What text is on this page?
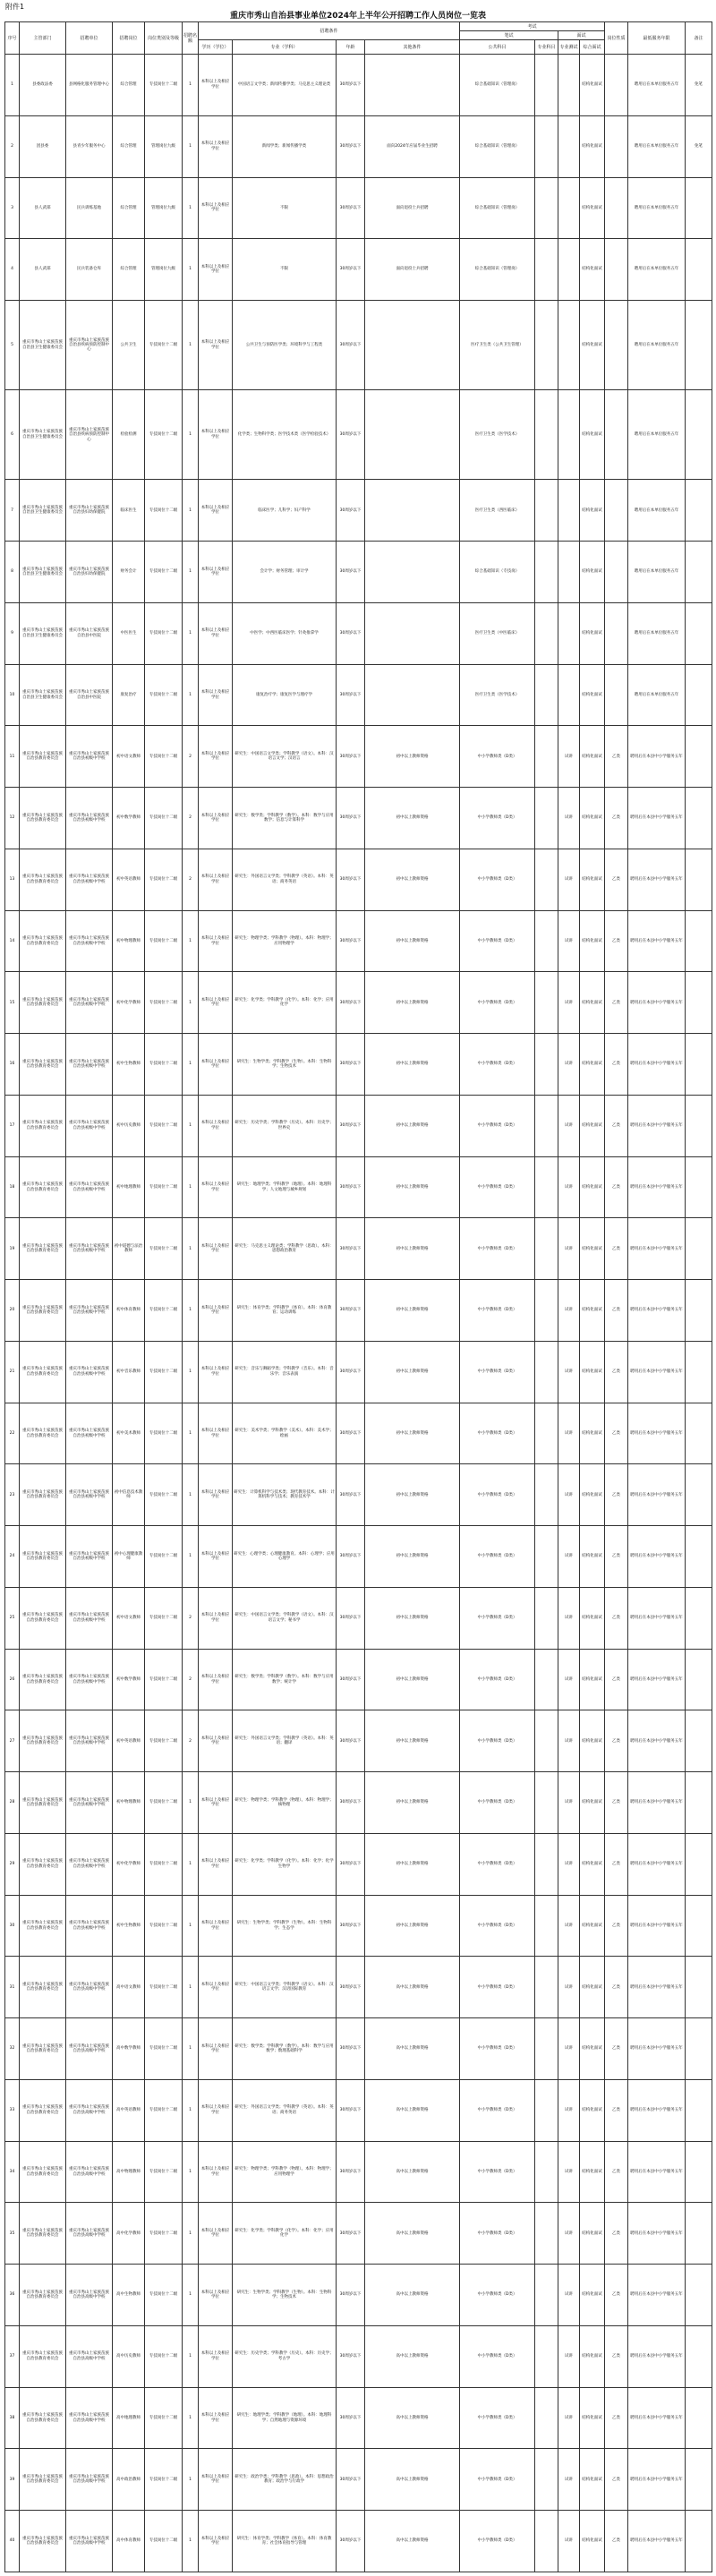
附件1
重庆市秀山自治县事业单位2024年上半年公开招聘工作人员岗位一览表
序号	主管部门	招聘单位	招聘岗位	岗位类别及等级	招聘名额	招聘条件				考试				岗位性质	最低服务年限	备注
										笔试		面试				
						学历（学位）	专业（学科）	年龄	其他条件	公共科目	专业科目	专业测试	综合面试			
1	县委政法委	县网格化服务管理中心	综合管理	专技岗位十二级	1	本科以上及相应学位	中国语言文学类；新闻传播学类；马克思主义理论类	30周岁以下		综合基础知识（管理岗）			结构化面试		聘用后在本单位服务五年	免笔
2	团县委	县青少年服务中心	综合管理	管理岗位九级	1	本科以上及相应学位	新闻学类；新闻传播学类	30周岁以下	面向2024年应届毕业生招聘	综合基础知识（管理岗）			结构化面试		聘用后在本单位服务五年	免笔
3	县人武部	民兵训练基地	综合管理	管理岗位九级	1	本科以上及相应学位	不限	30周岁以下	面向退役士兵招聘	综合基础知识（管理岗）			结构化面试		聘用后在本单位服务五年	
4	县人武部	民兵装备仓库	综合管理	管理岗位九级	1	本科以上及相应学位	不限	30周岁以下	面向退役士兵招聘	综合基础知识（管理岗）			结构化面试		聘用后在本单位服务五年	
5	重庆市秀山土家族苗族自治县卫生健康委员会	重庆市秀山土家族苗族自治县疾病预防控制中心	公共卫生	专技岗位十二级	1	本科以上及相应学位	公共卫生与预防医学类；环境科学与工程类	30周岁以下		医疗卫生类（公共卫生管理）			结构化面试		聘用后在本单位服务五年	
6	重庆市秀山土家族苗族自治县卫生健康委员会	重庆市秀山土家族苗族自治县疾病预防控制中心	检验检测	专技岗位十二级	1	本科以上及相应学位	化学类；生物科学类；医学技术类（医学检验技术）	30周岁以下		医疗卫生类（医学技术）			结构化面试		聘用后在本单位服务五年	
7	重庆市秀山土家族苗族自治县卫生健康委员会	重庆市秀山土家族苗族自治县妇幼保健院	临床医生	专技岗位十二级	1	本科以上及相应学位	临床医学；儿科学；妇产科学	30周岁以下		医疗卫生类（西医临床）			结构化面试		聘用后在本单位服务五年	
8	重庆市秀山土家族苗族自治县卫生健康委员会	重庆市秀山土家族苗族自治县妇幼保健院	财务会计	专技岗位十二级	1	本科以上及相应学位	会计学；财务管理；审计学	30周岁以下		综合基础知识（专技岗）			结构化面试		聘用后在本单位服务五年	
9	重庆市秀山土家族苗族自治县卫生健康委员会	重庆市秀山土家族苗族自治县中医院	中医医生	专技岗位十二级	1	本科以上及相应学位	中医学；中西医临床医学；针灸推拿学	30周岁以下		医疗卫生类（中医临床）			结构化面试		聘用后在本单位服务五年	
10	重庆市秀山土家族苗族自治县卫生健康委员会	重庆市秀山土家族苗族自治县中医院	康复治疗	专技岗位十二级	1	本科以上及相应学位	康复治疗学；康复医学与理疗学	30周岁以下		医疗卫生类（医学技术）			结构化面试		聘用后在本单位服务五年	
11	重庆市秀山土家族苗族自治县教育委员会	重庆市秀山土家族苗族自治县初级中学校	初中语文教师	专技岗位十二级	2	本科以上及相应学位	研究生：中国语言文学类；学科教学（语文）。本科：汉语言文学；汉语言	30周岁以下	初中以上教师资格	中小学教师类（D类）		试讲	结构化面试	乙类	聘用后在本县中小学服务五年	
12	重庆市秀山土家族苗族自治县教育委员会	重庆市秀山土家族苗族自治县初级中学校	初中数学教师	专技岗位十二级	2	本科以上及相应学位	研究生：数学类；学科教学（数学）。本科：数学与应用数学；信息与计算科学	30周岁以下	初中以上教师资格	中小学教师类（D类）		试讲	结构化面试	乙类	聘用后在本县中小学服务五年	
13	重庆市秀山土家族苗族自治县教育委员会	重庆市秀山土家族苗族自治县初级中学校	初中英语教师	专技岗位十二级	2	本科以上及相应学位	研究生：外国语言文学类；学科教学（英语）。本科：英语；商务英语	30周岁以下	初中以上教师资格	中小学教师类（D类）		试讲	结构化面试	乙类	聘用后在本县中小学服务五年	
14	重庆市秀山土家族苗族自治县教育委员会	重庆市秀山土家族苗族自治县初级中学校	初中物理教师	专技岗位十二级	1	本科以上及相应学位	研究生：物理学类；学科教学（物理）。本科：物理学；应用物理学	30周岁以下	初中以上教师资格	中小学教师类（D类）		试讲	结构化面试	乙类	聘用后在本县中小学服务五年	
15	重庆市秀山土家族苗族自治县教育委员会	重庆市秀山土家族苗族自治县初级中学校	初中化学教师	专技岗位十二级	1	本科以上及相应学位	研究生：化学类；学科教学（化学）。本科：化学；应用化学	30周岁以下	初中以上教师资格	中小学教师类（D类）		试讲	结构化面试	乙类	聘用后在本县中小学服务五年	
16	重庆市秀山土家族苗族自治县教育委员会	重庆市秀山土家族苗族自治县初级中学校	初中生物教师	专技岗位十二级	1	本科以上及相应学位	研究生：生物学类；学科教学（生物）。本科：生物科学；生物技术	30周岁以下	初中以上教师资格	中小学教师类（D类）		试讲	结构化面试	乙类	聘用后在本县中小学服务五年	
17	重庆市秀山土家族苗族自治县教育委员会	重庆市秀山土家族苗族自治县初级中学校	初中历史教师	专技岗位十二级	1	本科以上及相应学位	研究生：历史学类；学科教学（历史）。本科：历史学；世界史	30周岁以下	初中以上教师资格	中小学教师类（D类）		试讲	结构化面试	乙类	聘用后在本县中小学服务五年	
18	重庆市秀山土家族苗族自治县教育委员会	重庆市秀山土家族苗族自治县初级中学校	初中地理教师	专技岗位十二级	1	本科以上及相应学位	研究生：地理学类；学科教学（地理）。本科：地理科学；人文地理与城乡规划	30周岁以下	初中以上教师资格	中小学教师类（D类）		试讲	结构化面试	乙类	聘用后在本县中小学服务五年	
19	重庆市秀山土家族苗族自治县教育委员会	重庆市秀山土家族苗族自治县初级中学校	初中道德与法治教师	专技岗位十二级	1	本科以上及相应学位	研究生：马克思主义理论类；学科教学（思政）。本科：思想政治教育	30周岁以下	初中以上教师资格	中小学教师类（D类）		试讲	结构化面试	乙类	聘用后在本县中小学服务五年	
20	重庆市秀山土家族苗族自治县教育委员会	重庆市秀山土家族苗族自治县初级中学校	初中体育教师	专技岗位十二级	1	本科以上及相应学位	研究生：体育学类；学科教学（体育）。本科：体育教育；运动训练	30周岁以下	初中以上教师资格	中小学教师类（D类）		试讲	结构化面试	乙类	聘用后在本县中小学服务五年	
21	重庆市秀山土家族苗族自治县教育委员会	重庆市秀山土家族苗族自治县初级中学校	初中音乐教师	专技岗位十二级	1	本科以上及相应学位	研究生：音乐与舞蹈学类；学科教学（音乐）。本科：音乐学；音乐表演	30周岁以下	初中以上教师资格	中小学教师类（D类）		试讲	结构化面试	乙类	聘用后在本县中小学服务五年	
22	重庆市秀山土家族苗族自治县教育委员会	重庆市秀山土家族苗族自治县初级中学校	初中美术教师	专技岗位十二级	1	本科以上及相应学位	研究生：美术学类；学科教学（美术）。本科：美术学；绘画	30周岁以下	初中以上教师资格	中小学教师类（D类）		试讲	结构化面试	乙类	聘用后在本县中小学服务五年	
23	重庆市秀山土家族苗族自治县教育委员会	重庆市秀山土家族苗族自治县初级中学校	初中信息技术教师	专技岗位十二级	1	本科以上及相应学位	研究生：计算机科学与技术类；现代教育技术。本科：计算机科学与技术；教育技术学	30周岁以下	初中以上教师资格	中小学教师类（D类）		试讲	结构化面试	乙类	聘用后在本县中小学服务五年	
24	重庆市秀山土家族苗族自治县教育委员会	重庆市秀山土家族苗族自治县初级中学校	初中心理健康教师	专技岗位十二级	1	本科以上及相应学位	研究生：心理学类；心理健康教育。本科：心理学；应用心理学	30周岁以下	初中以上教师资格	中小学教师类（D类）		试讲	结构化面试	乙类	聘用后在本县中小学服务五年	
25	重庆市秀山土家族苗族自治县教育委员会	重庆市秀山土家族苗族自治县初级中学校	初中语文教师	专技岗位十二级	2	本科以上及相应学位	研究生：中国语言文学类；学科教学（语文）。本科：汉语言文学；秘书学	30周岁以下	初中以上教师资格	中小学教师类（D类）		试讲	结构化面试	乙类	聘用后在本县中小学服务五年	
26	重庆市秀山土家族苗族自治县教育委员会	重庆市秀山土家族苗族自治县初级中学校	初中数学教师	专技岗位十二级	2	本科以上及相应学位	研究生：数学类；学科教学（数学）。本科：数学与应用数学；统计学	30周岁以下	初中以上教师资格	中小学教师类（D类）		试讲	结构化面试	乙类	聘用后在本县中小学服务五年	
27	重庆市秀山土家族苗族自治县教育委员会	重庆市秀山土家族苗族自治县初级中学校	初中英语教师	专技岗位十二级	2	本科以上及相应学位	研究生：外国语言文学类；学科教学（英语）。本科：英语；翻译	30周岁以下	初中以上教师资格	中小学教师类（D类）		试讲	结构化面试	乙类	聘用后在本县中小学服务五年	
28	重庆市秀山土家族苗族自治县教育委员会	重庆市秀山土家族苗族自治县初级中学校	初中物理教师	专技岗位十二级	1	本科以上及相应学位	研究生：物理学类；学科教学（物理）。本科：物理学；核物理	30周岁以下	初中以上教师资格	中小学教师类（D类）		试讲	结构化面试	乙类	聘用后在本县中小学服务五年	
29	重庆市秀山土家族苗族自治县教育委员会	重庆市秀山土家族苗族自治县初级中学校	初中化学教师	专技岗位十二级	1	本科以上及相应学位	研究生：化学类；学科教学（化学）。本科：化学；化学生物学	30周岁以下	初中以上教师资格	中小学教师类（D类）		试讲	结构化面试	乙类	聘用后在本县中小学服务五年	
30	重庆市秀山土家族苗族自治县教育委员会	重庆市秀山土家族苗族自治县初级中学校	初中生物教师	专技岗位十二级	1	本科以上及相应学位	研究生：生物学类；学科教学（生物）。本科：生物科学；生态学	30周岁以下	初中以上教师资格	中小学教师类（D类）		试讲	结构化面试	乙类	聘用后在本县中小学服务五年	
31	重庆市秀山土家族苗族自治县教育委员会	重庆市秀山土家族苗族自治县高级中学校	高中语文教师	专技岗位十二级	1	本科以上及相应学位	研究生：中国语言文学类；学科教学（语文）。本科：汉语言文学；汉语国际教育	30周岁以下	高中以上教师资格	中小学教师类（D类）		试讲	结构化面试	乙类	聘用后在本县中小学服务五年	
32	重庆市秀山土家族苗族自治县教育委员会	重庆市秀山土家族苗族自治县高级中学校	高中数学教师	专技岗位十二级	1	本科以上及相应学位	研究生：数学类；学科教学（数学）。本科：数学与应用数学；数理基础科学	30周岁以下	高中以上教师资格	中小学教师类（D类）		试讲	结构化面试	乙类	聘用后在本县中小学服务五年	
33	重庆市秀山土家族苗族自治县教育委员会	重庆市秀山土家族苗族自治县高级中学校	高中英语教师	专技岗位十二级	1	本科以上及相应学位	研究生：外国语言文学类；学科教学（英语）。本科：英语；商务英语	30周岁以下	高中以上教师资格	中小学教师类（D类）		试讲	结构化面试	乙类	聘用后在本县中小学服务五年	
34	重庆市秀山土家族苗族自治县教育委员会	重庆市秀山土家族苗族自治县高级中学校	高中物理教师	专技岗位十二级	1	本科以上及相应学位	研究生：物理学类；学科教学（物理）。本科：物理学；应用物理学	30周岁以下	高中以上教师资格	中小学教师类（D类）		试讲	结构化面试	乙类	聘用后在本县中小学服务五年	
35	重庆市秀山土家族苗族自治县教育委员会	重庆市秀山土家族苗族自治县高级中学校	高中化学教师	专技岗位十二级	1	本科以上及相应学位	研究生：化学类；学科教学（化学）。本科：化学；应用化学	30周岁以下	高中以上教师资格	中小学教师类（D类）		试讲	结构化面试	乙类	聘用后在本县中小学服务五年	
36	重庆市秀山土家族苗族自治县教育委员会	重庆市秀山土家族苗族自治县高级中学校	高中生物教师	专技岗位十二级	1	本科以上及相应学位	研究生：生物学类；学科教学（生物）。本科：生物科学；生物技术	30周岁以下	高中以上教师资格	中小学教师类（D类）		试讲	结构化面试	乙类	聘用后在本县中小学服务五年	
37	重庆市秀山土家族苗族自治县教育委员会	重庆市秀山土家族苗族自治县高级中学校	高中历史教师	专技岗位十二级	1	本科以上及相应学位	研究生：历史学类；学科教学（历史）。本科：历史学；考古学	30周岁以下	高中以上教师资格	中小学教师类（D类）		试讲	结构化面试	乙类	聘用后在本县中小学服务五年	
38	重庆市秀山土家族苗族自治县教育委员会	重庆市秀山土家族苗族自治县高级中学校	高中地理教师	专技岗位十二级	1	本科以上及相应学位	研究生：地理学类；学科教学（地理）。本科：地理科学；自然地理与资源环境	30周岁以下	高中以上教师资格	中小学教师类（D类）		试讲	结构化面试	乙类	聘用后在本县中小学服务五年	
39	重庆市秀山土家族苗族自治县教育委员会	重庆市秀山土家族苗族自治县高级中学校	高中政治教师	专技岗位十二级	1	本科以上及相应学位	研究生：政治学类；学科教学（思政）。本科：思想政治教育；政治学与行政学	30周岁以下	高中以上教师资格	中小学教师类（D类）		试讲	结构化面试	乙类	聘用后在本县中小学服务五年	
40	重庆市秀山土家族苗族自治县教育委员会	重庆市秀山土家族苗族自治县高级中学校	高中体育教师	专技岗位十二级	1	本科以上及相应学位	研究生：体育学类；学科教学（体育）。本科：体育教育；社会体育指导与管理	30周岁以下	高中以上教师资格	中小学教师类（D类）		试讲	结构化面试	乙类	聘用后在本县中小学服务五年	
